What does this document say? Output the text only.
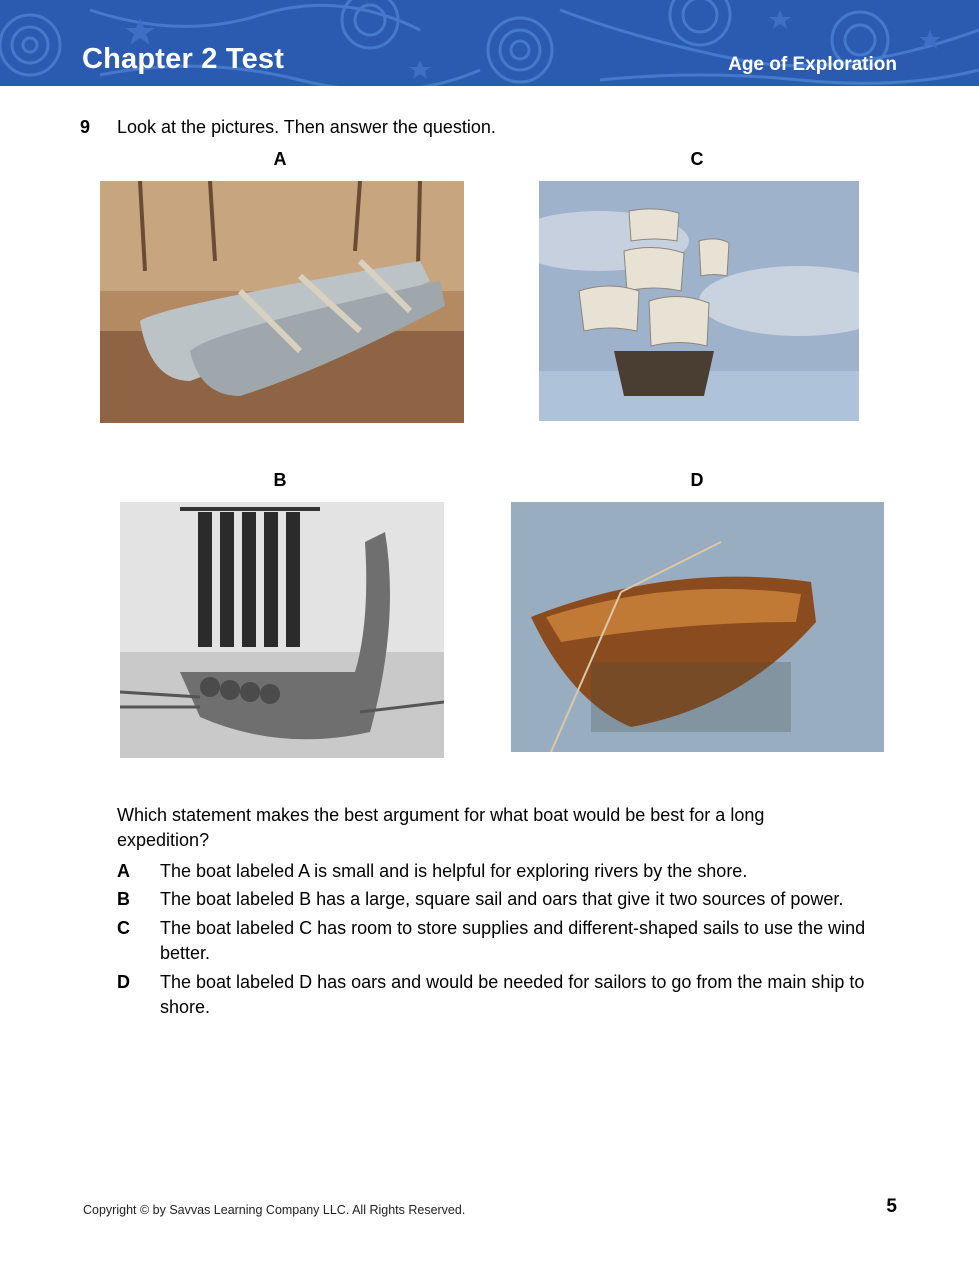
Chapter 2 Test	Age of Exploration
9 Look at the pictures. Then answer the question.
A	C
B	D
Which statement makes the best argument for what boat would be best for a long expedition?
A The boat labeled A is small and is helpful for exploring rivers by the shore.
B The boat labeled B has a large, square sail and oars that give it two sources of power.
C The boat labeled C has room to store supplies and different-shaped sails to use the wind better.
D The boat labeled D has oars and would be needed for sailors to go from the main ship to shore.
Copyright © by Savvas Learning Company LLC. All Rights Reserved.	5
